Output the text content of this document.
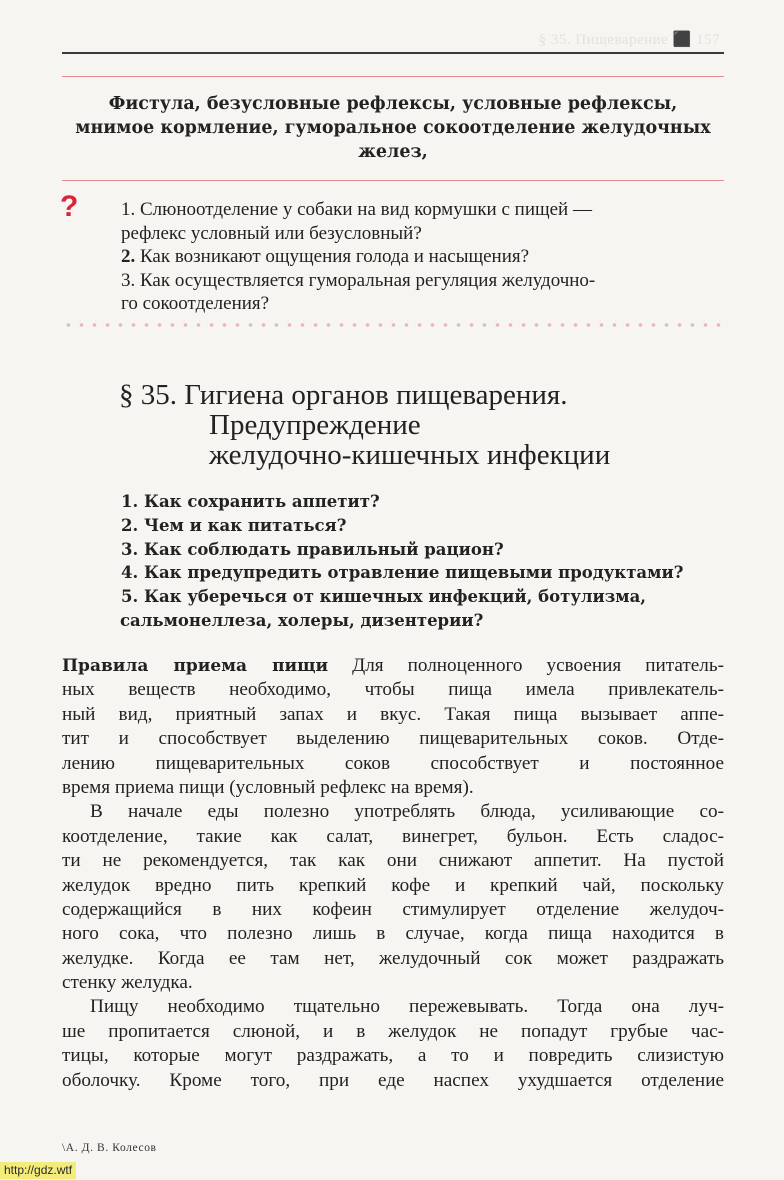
§ 35. Пищеварение ⬛ 157
Фистула, безусловные рефлексы, условные рефлексы,
мнимое кормление, гуморальное сокоотделение желудочных
желез,
? 1. Слюноотделение у собаки на вид кормушки с пищей —
рефлекс условный или безусловный?
2. Как возникают ощущения голода и насыщения?
3. Как осуществляется гуморальная регуляция желудочно-
го сокоотделения?
§ 35. Гигиена органов пищеварения.
Предупреждение
желудочно-кишечных инфекции
1. Как сохранить аппетит?
2. Чем и как питаться?
3. Как соблюдать правильный рацион?
4. Как предупредить отравление пищевыми продуктами?
5. Как уберечься от кишечных инфекций, ботулизма,
сальмонеллеза, холеры, дизентерии?
Правила приема пищи Для полноценного усвоения питатель-
ных веществ необходимо, чтобы пища имела привлекатель-
ный вид, приятный запах и вкус. Такая пища вызывает аппе-
тит и способствует выделению пищеварительных соков. Отде-
лению пищеварительных соков способствует и постоянное
время приема пищи (условный рефлекс на время).
В начале еды полезно употреблять блюда, усиливающие со-
коотделение, такие как салат, винегрет, бульон. Есть сладос-
ти не рекомендуется, так как они снижают аппетит. На пустой
желудок вредно пить крепкий кофе и крепкий чай, поскольку
содержащийся в них кофеин стимулирует отделение желудоч-
ного сока, что полезно лишь в случае, когда пища находится в
желудке. Когда ее там нет, желудочный сок может раздражать
стенку желудка.
Пищу необходимо тщательно пережевывать. Тогда она луч-
ше пропитается слюной, и в желудок не попадут грубые час-
тицы, которые могут раздражать, а то и повредить слизистую
оболочку. Кроме того, при еде наспех ухудшается отделение
\А. Д. В. Колесов
http://gdz.wtf
